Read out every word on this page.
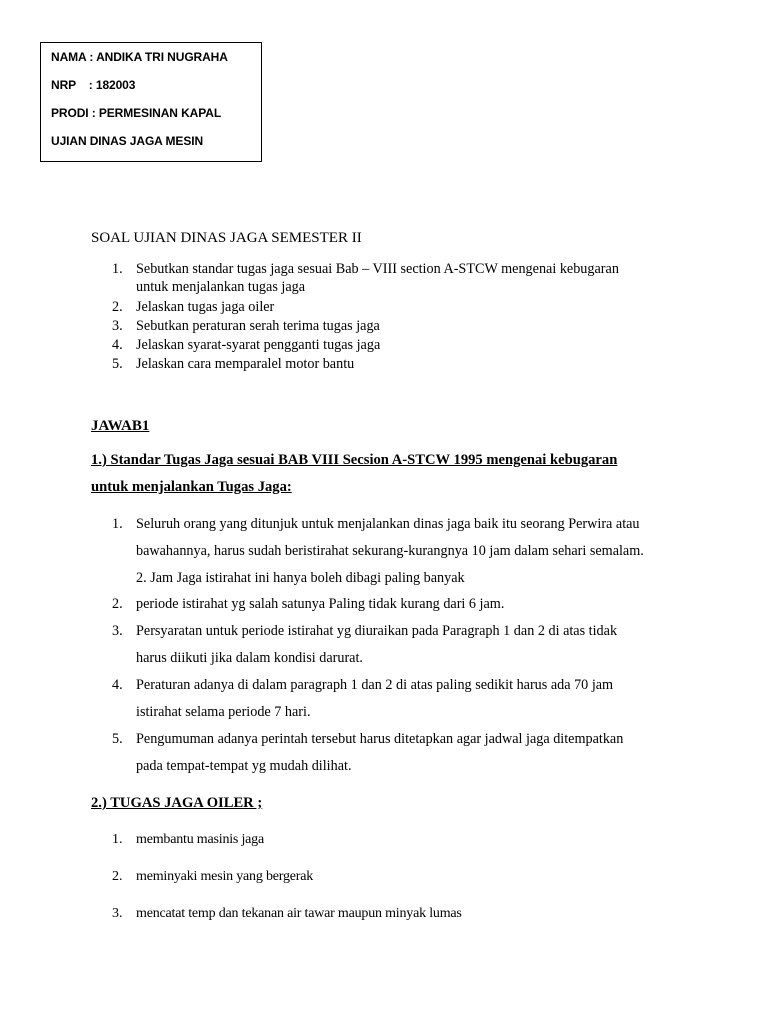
NAMA : ANDIKA TRI NUGRAHA
NRP    : 182003
PRODI : PERMESINAN KAPAL
UJIAN DINAS JAGA MESIN
SOAL UJIAN DINAS JAGA SEMESTER II
1. Sebutkan standar tugas jaga sesuai Bab – VIII section A-STCW mengenai kebugaran
untuk menjalankan tugas jaga
2. Jelaskan tugas jaga oiler
3. Sebutkan peraturan serah terima tugas jaga
4. Jelaskan syarat-syarat pengganti tugas jaga
5. Jelaskan cara memparalel motor bantu
JAWAB1
1.) Standar Tugas Jaga sesuai BAB VIII Secsion A-STCW 1995 mengenai kebugaran
untuk menjalankan Tugas Jaga:
1. Seluruh orang yang ditunjuk untuk menjalankan dinas jaga baik itu seorang Perwira atau
bawahannya, harus sudah beristirahat sekurang-kurangnya 10 jam dalam sehari semalam.
2. Jam Jaga istirahat ini hanya boleh dibagi paling banyak
2. periode istirahat yg salah satunya Paling tidak kurang dari 6 jam.
3. Persyaratan untuk periode istirahat yg diuraikan pada Paragraph 1 dan 2 di atas tidak
harus diikuti jika dalam kondisi darurat.
4. Peraturan adanya di dalam paragraph 1 dan 2 di atas paling sedikit harus ada 70 jam
istirahat selama periode 7 hari.
5. Pengumuman adanya perintah tersebut harus ditetapkan agar jadwal jaga ditempatkan
pada tempat-tempat yg mudah dilihat.
2.) TUGAS JAGA OILER ;
1. membantu masinis jaga
2. meminyaki mesin yang bergerak
3. mencatat temp dan tekanan air tawar maupun minyak lumas
